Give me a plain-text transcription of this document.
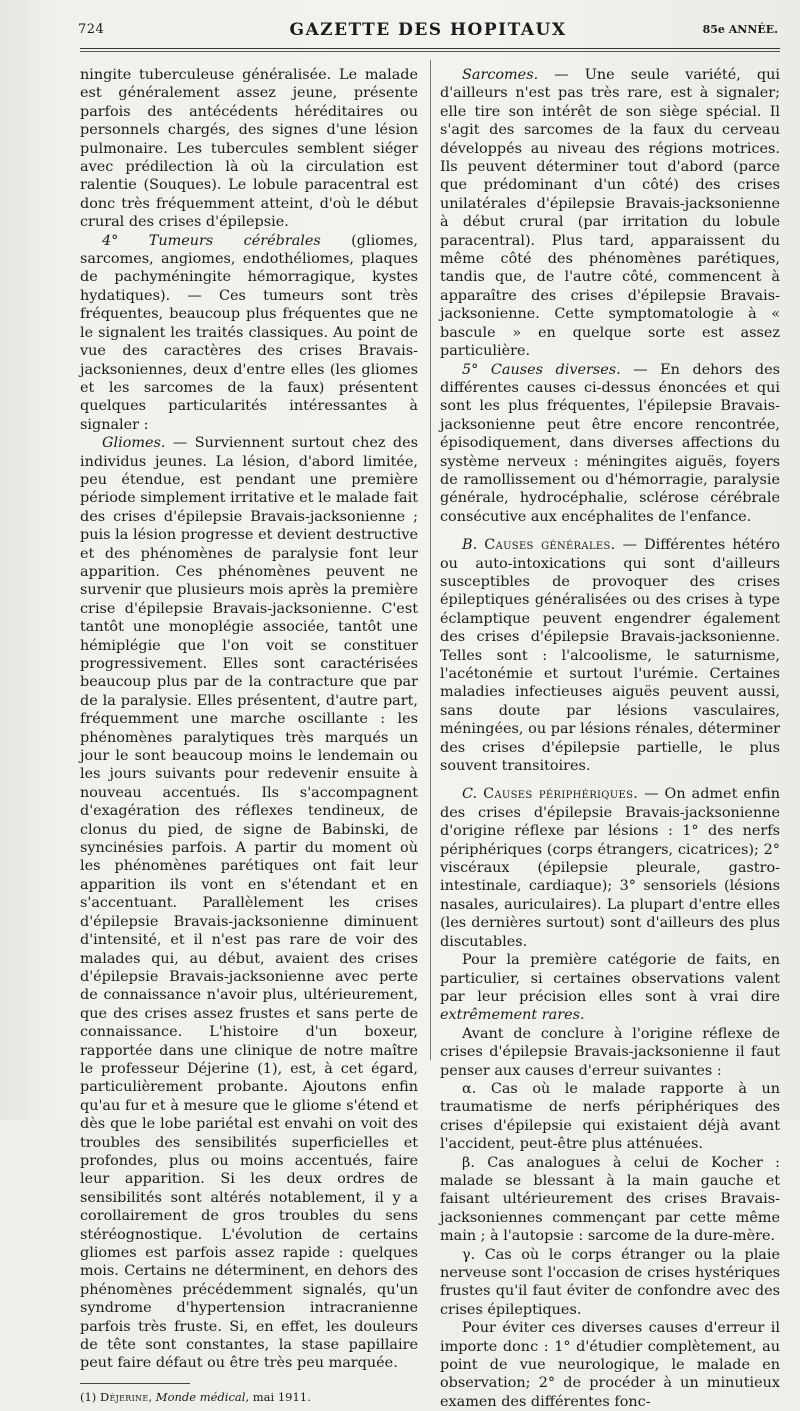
724	GAZETTE DES HOPITAUX	85e ANNÉE.

ningite tuberculeuse généralisée. Le malade est généralement assez jeune, présente parfois des antécédents héréditaires ou personnels chargés, des signes d'une lésion pulmonaire. Les tubercules semblent siéger avec prédilection là où la circulation est ralentie (Souques). Le lobule paracentral est donc très fréquemment atteint, d'où le début crural des crises d'épilepsie.

4° Tumeurs cérébrales (gliomes, sarcomes, angiomes, endothéliomes, plaques de pachyméningite hémorragique, kystes hydatiques). — Ces tumeurs sont très fréquentes, beaucoup plus fréquentes que ne le signalent les traités classiques. Au point de vue des caractères des crises Bravais-jacksoniennes, deux d'entre elles (les gliomes et les sarcomes de la faux) présentent quelques particularités intéressantes à signaler :

Gliomes. — Surviennent surtout chez des individus jeunes. La lésion, d'abord limitée, peu étendue, est pendant une première période simplement irritative et le malade fait des crises d'épilepsie Bravais-jacksonienne ; puis la lésion progresse et devient destructive et des phénomènes de paralysie font leur apparition. Ces phénomènes peuvent ne survenir que plusieurs mois après la première crise d'épilepsie Bravais-jacksonienne. C'est tantôt une monoplégie associée, tantôt une hémiplégie que l'on voit se constituer progressivement. Elles sont caractérisées beaucoup plus par de la contracture que par de la paralysie. Elles présentent, d'autre part, fréquemment une marche oscillante : les phénomènes paralytiques très marqués un jour le sont beaucoup moins le lendemain ou les jours suivants pour redevenir ensuite à nouveau accentués. Ils s'accompagnent d'exagération des réflexes tendineux, de clonus du pied, de signe de Babinski, de syncinésies parfois. A partir du moment où les phénomènes parétiques ont fait leur apparition ils vont en s'étendant et en s'accentuant. Parallèlement les crises d'épilepsie Bravais-jacksonienne diminuent d'intensité, et il n'est pas rare de voir des malades qui, au début, avaient des crises d'épilepsie Bravais-jacksonienne avec perte de connaissance n'avoir plus, ultérieurement, que des crises assez frustes et sans perte de connaissance. L'histoire d'un boxeur, rapportée dans une clinique de notre maître le professeur Déjerine (1), est, à cet égard, particulièrement probante. Ajoutons enfin qu'au fur et à mesure que le gliome s'étend et dès que le lobe pariétal est envahi on voit des troubles des sensibilités superficielles et profondes, plus ou moins accentués, faire leur apparition. Si les deux ordres de sensibilités sont altérés notablement, il y a corollairement de gros troubles du sens stéréognostique. L'évolution de certains gliomes est parfois assez rapide : quelques mois. Certains ne déterminent, en dehors des phénomènes précédemment signalés, qu'un syndrome d'hypertension intracranienne parfois très fruste. Si, en effet, les douleurs de tête sont constantes, la stase papillaire peut faire défaut ou être très peu marquée.

(1) Déjerine, Monde médical, mai 1911.

Sarcomes. — Une seule variété, qui d'ailleurs n'est pas très rare, est à signaler; elle tire son intérêt de son siège spécial. Il s'agit des sarcomes de la faux du cerveau développés au niveau des régions motrices. Ils peuvent déterminer tout d'abord (parce que prédominant d'un côté) des crises unilatérales d'épilepsie Bravais-jacksonienne à début crural (par irritation du lobule paracentral). Plus tard, apparaissent du même côté des phénomènes parétiques, tandis que, de l'autre côté, commencent à apparaître des crises d'épilepsie Bravais-jacksonienne. Cette symptomatologie à « bascule » en quelque sorte est assez particulière.

5° Causes diverses. — En dehors des différentes causes ci-dessus énoncées et qui sont les plus fréquentes, l'épilepsie Bravais-jacksonienne peut être encore rencontrée, épisodiquement, dans diverses affections du système nerveux : méningites aiguës, foyers de ramollissement ou d'hémorragie, paralysie générale, hydrocéphalie, sclérose cérébrale consécutive aux encéphalites de l'enfance.

B. Causes générales. — Différentes hétéro ou auto-intoxications qui sont d'ailleurs susceptibles de provoquer des crises épileptiques généralisées ou des crises à type éclamptique peuvent engendrer également des crises d'épilepsie Bravais-jacksonienne. Telles sont : l'alcoolisme, le saturnisme, l'acétonémie et surtout l'urémie. Certaines maladies infectieuses aiguës peuvent aussi, sans doute par lésions vasculaires, méningées, ou par lésions rénales, déterminer des crises d'épilepsie partielle, le plus souvent transitoires.

C. Causes périphériques. — On admet enfin des crises d'épilepsie Bravais-jacksonienne d'origine réflexe par lésions : 1° des nerfs périphériques (corps étrangers, cicatrices); 2° viscéraux (épilepsie pleurale, gastro-intestinale, cardiaque); 3° sensoriels (lésions nasales, auriculaires). La plupart d'entre elles (les dernières surtout) sont d'ailleurs des plus discutables.

Pour la première catégorie de faits, en particulier, si certaines observations valent par leur précision elles sont à vrai dire extrêmement rares.

Avant de conclure à l'origine réflexe de crises d'épilepsie Bravais-jacksonienne il faut penser aux causes d'erreur suivantes :

α. Cas où le malade rapporte à un traumatisme de nerfs périphériques des crises d'épilepsie qui existaient déjà avant l'accident, peut-être plus atténuées.

β. Cas analogues à celui de Kocher : malade se blessant à la main gauche et faisant ultérieurement des crises Bravais-jacksoniennes commençant par cette même main ; à l'autopsie : sarcome de la dure-mère.

γ. Cas où le corps étranger ou la plaie nerveuse sont l'occasion de crises hystériques frustes qu'il faut éviter de confondre avec des crises épileptiques.

Pour éviter ces diverses causes d'erreur il importe donc : 1° d'étudier complètement, au point de vue neurologique, le malade en observation; 2° de procéder à un minutieux examen des différentes fonc-
